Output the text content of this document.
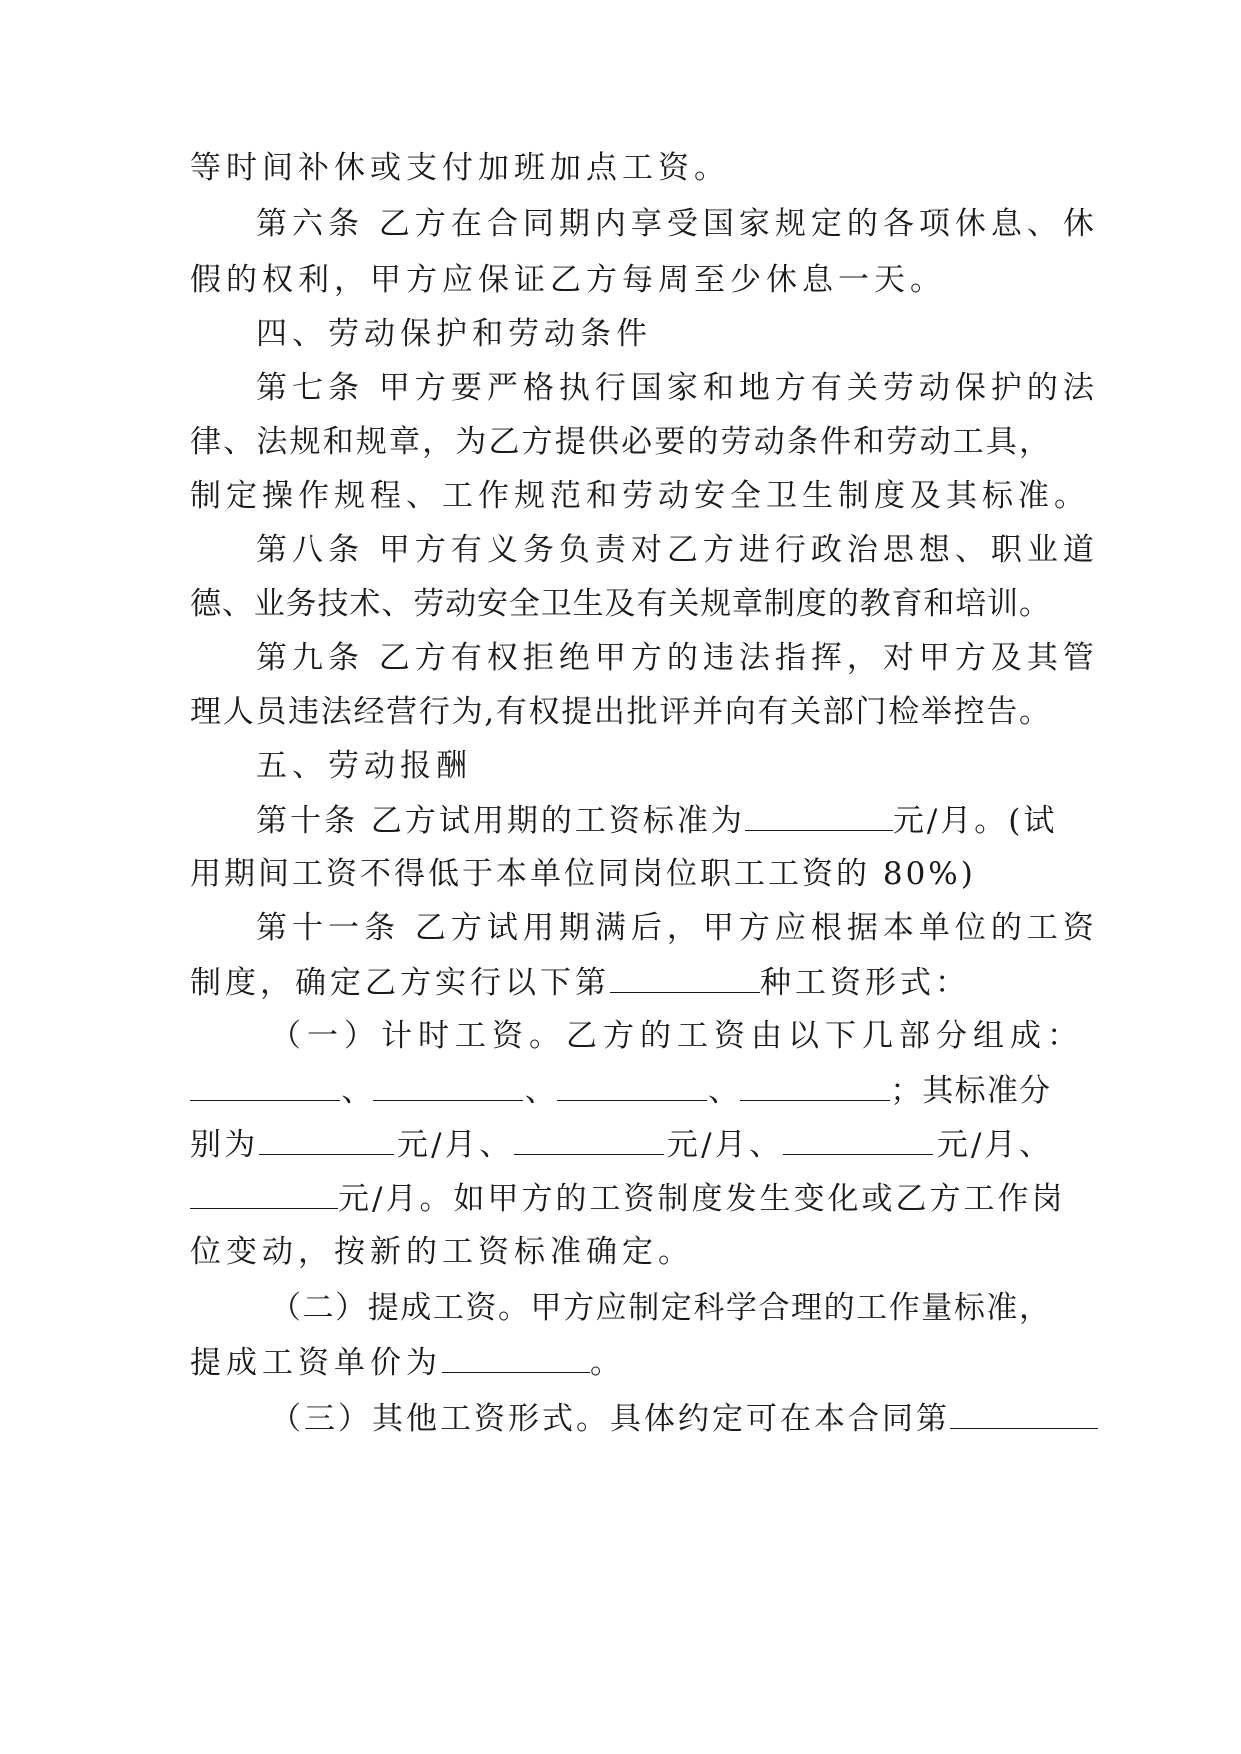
等时间补休或支付加班加点工资。
第六条 乙方在合同期内享受国家规定的各项休息、休
假的权利，甲方应保证乙方每周至少休息一天。
四、劳动保护和劳动条件
第七条 甲方要严格执行国家和地方有关劳动保护的法
律、法规和规章，为乙方提供必要的劳动条件和劳动工具，
制定操作规程、工作规范和劳动安全卫生制度及其标准。
第八条 甲方有义务负责对乙方进行政治思想、职业道
德、业务技术、劳动安全卫生及有关规章制度的教育和培训。
第九条 乙方有权拒绝甲方的违法指挥，对甲方及其管
理人员违法经营行为,有权提出批评并向有关部门检举控告。
五、劳动报酬
第十条 乙方试用期的工资标准为	元/月。(试
用期间工资不得低于本单位同岗位职工工资的 80%)
第十一条 乙方试用期满后，甲方应根据本单位的工资
制度，确定乙方实行以下第	种工资形式：
（一）计时工资。乙方的工资由以下几部分组成：
、	、	、	；其标准分
别为	元/月、	元/月、	元/月、
元/月。如甲方的工资制度发生变化或乙方工作岗
位变动，按新的工资标准确定。
（二）提成工资。甲方应制定科学合理的工作量标准，
提成工资单价为	。
（三）其他工资形式。具体约定可在本合同第
